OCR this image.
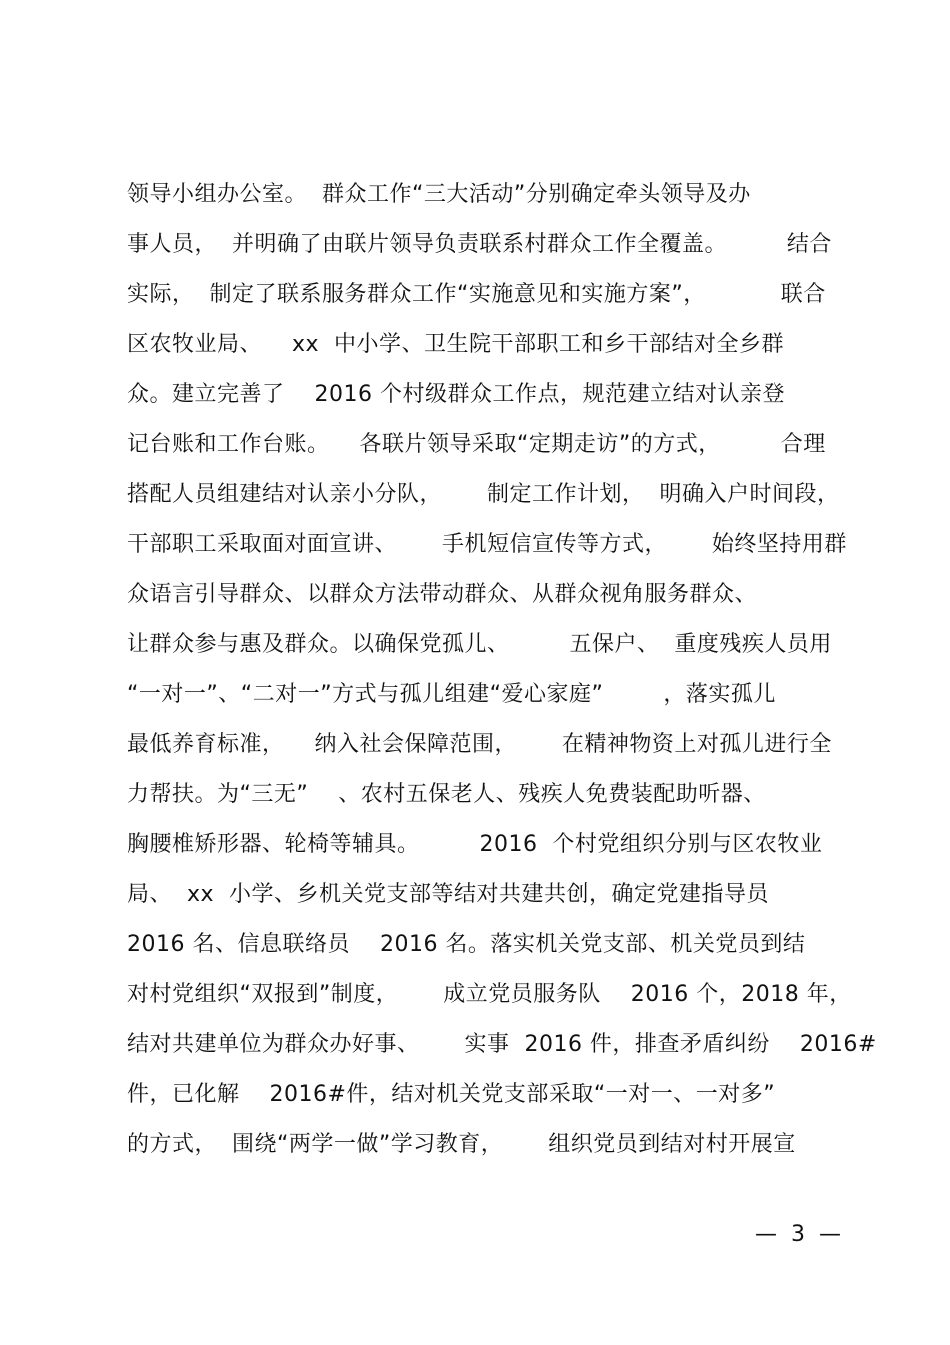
领导小组办公室。  群众工作“三大活动”分别确定牵头领导及办
事人员，  并明确了由联片领导负责联系村群众工作全覆盖。        结合
实际，  制定了联系服务群众工作“实施意见和实施方案”，          联合
区农牧业局、    xx  中小学、卫生院干部职工和乡干部结对全乡群
众。建立完善了    2016 个村级群众工作点，规范建立结对认亲登
记台账和工作台账。    各联片领导采取“定期走访”的方式，        合理
搭配人员组建结对认亲小分队，      制定工作计划，  明确入户时间段，
干部职工采取面对面宣讲、      手机短信宣传等方式，      始终坚持用群
众语言引导群众、以群众方法带动群众、从群众视角服务群众、
让群众参与惠及群众。以确保党孤儿、        五保户、  重度残疾人员用
“一对一”、“二对一”方式与孤儿组建“爱心家庭”        ，落实孤儿
最低养育标准，    纳入社会保障范围，      在精神物资上对孤儿进行全
力帮扶。为“三无”    、农村五保老人、残疾人免费装配助听器、
胸腰椎矫形器、轮椅等辅具。        2016  个村党组织分别与区农牧业
局、  xx  小学、乡机关党支部等结对共建共创，确定党建指导员
2016 名、信息联络员    2016 名。落实机关党支部、机关党员到结
对村党组织“双报到”制度，      成立党员服务队    2016 个，2018 年，
结对共建单位为群众办好事、      实事  2016 件，排查矛盾纠纷    2016#
件，已化解    2016#件，结对机关党支部采取“一对一、一对多”
的方式，  围绕“两学一做”学习教育，      组织党员到结对村开展宣
—  3  —
